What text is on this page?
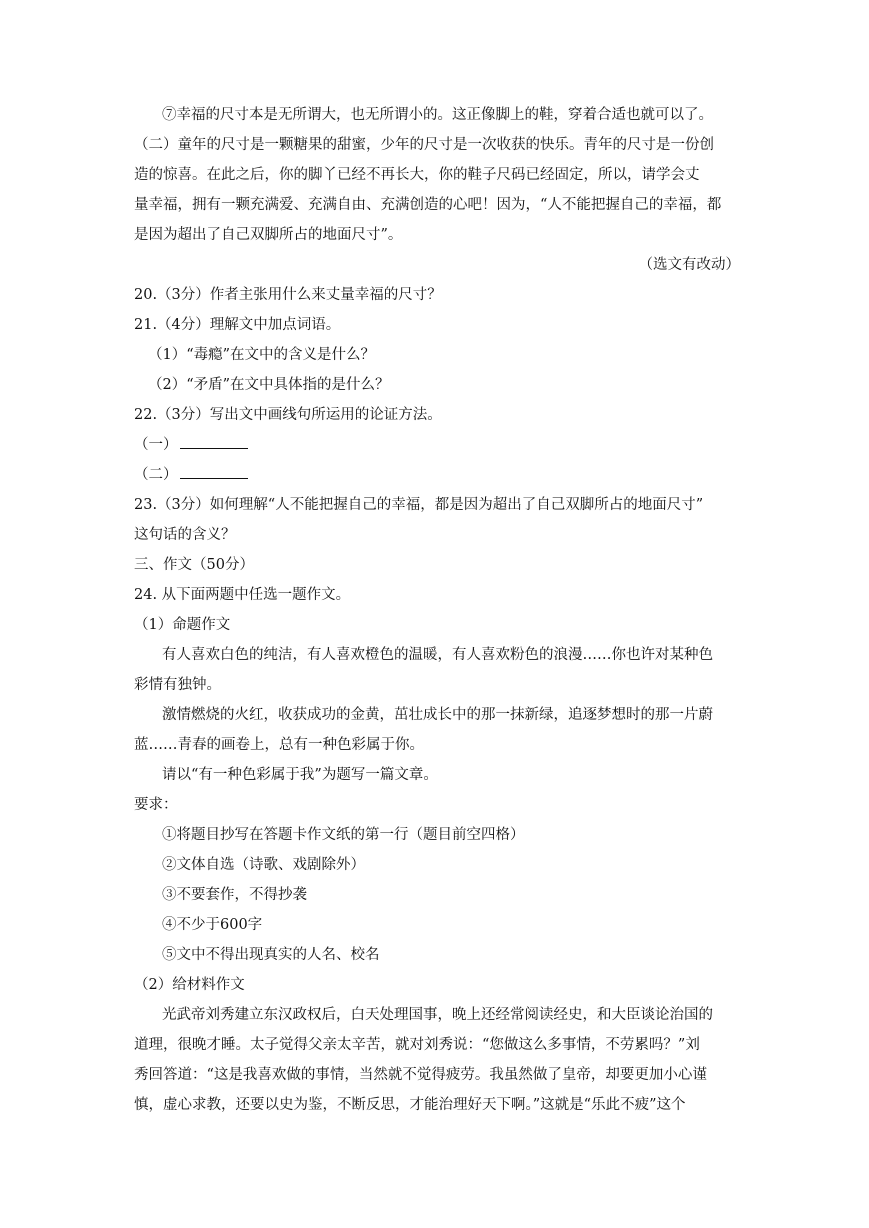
⑦幸福的尺寸本是无所谓大，也无所谓小的。这正像脚上的鞋，穿着合适也就可以了。
（二）童年的尺寸是一颗糖果的甜蜜，少年的尺寸是一次收获的快乐。青年的尺寸是一份创
造的惊喜。在此之后，你的脚丫已经不再长大，你的鞋子尺码已经固定，所以，请学会丈
量幸福，拥有一颗充满爱、充满自由、充满创造的心吧！因为，“人不能把握自己的幸福，都
是因为超出了自己双脚所占的地面尺寸”。
（选文有改动）
20.（3分）作者主张用什么来丈量幸福的尺寸？
21.（4分）理解文中加点词语。
（1）“毒瘾”在文中的含义是什么？
（2）“矛盾”在文中具体指的是什么？
22.（3分）写出文中画线句所运用的论证方法。
（一）
（二）
23.（3分）如何理解“人不能把握自己的幸福，都是因为超出了自己双脚所占的地面尺寸”
这句话的含义？
三、作文（50分）
24. 从下面两题中任选一题作文。
（1）命题作文
有人喜欢白色的纯洁，有人喜欢橙色的温暖，有人喜欢粉色的浪漫……你也许对某种色
彩情有独钟。
激情燃烧的火红，收获成功的金黄，茁壮成长中的那一抹新绿，追逐梦想时的那一片蔚
蓝……青春的画卷上，总有一种色彩属于你。
请以“有一种色彩属于我”为题写一篇文章。
要求：
①将题目抄写在答题卡作文纸的第一行（题目前空四格）
②文体自选（诗歌、戏剧除外）
③不要套作，不得抄袭
④不少于600字
⑤文中不得出现真实的人名、校名
（2）给材料作文
光武帝刘秀建立东汉政权后，白天处理国事，晚上还经常阅读经史，和大臣谈论治国的
道理，很晚才睡。太子觉得父亲太辛苦，就对刘秀说：“您做这么多事情，不劳累吗？”刘
秀回答道：“这是我喜欢做的事情，当然就不觉得疲劳。我虽然做了皇帝，却要更加小心谨
慎，虚心求教，还要以史为鉴，不断反思，才能治理好天下啊。”这就是“乐此不疲”这个
